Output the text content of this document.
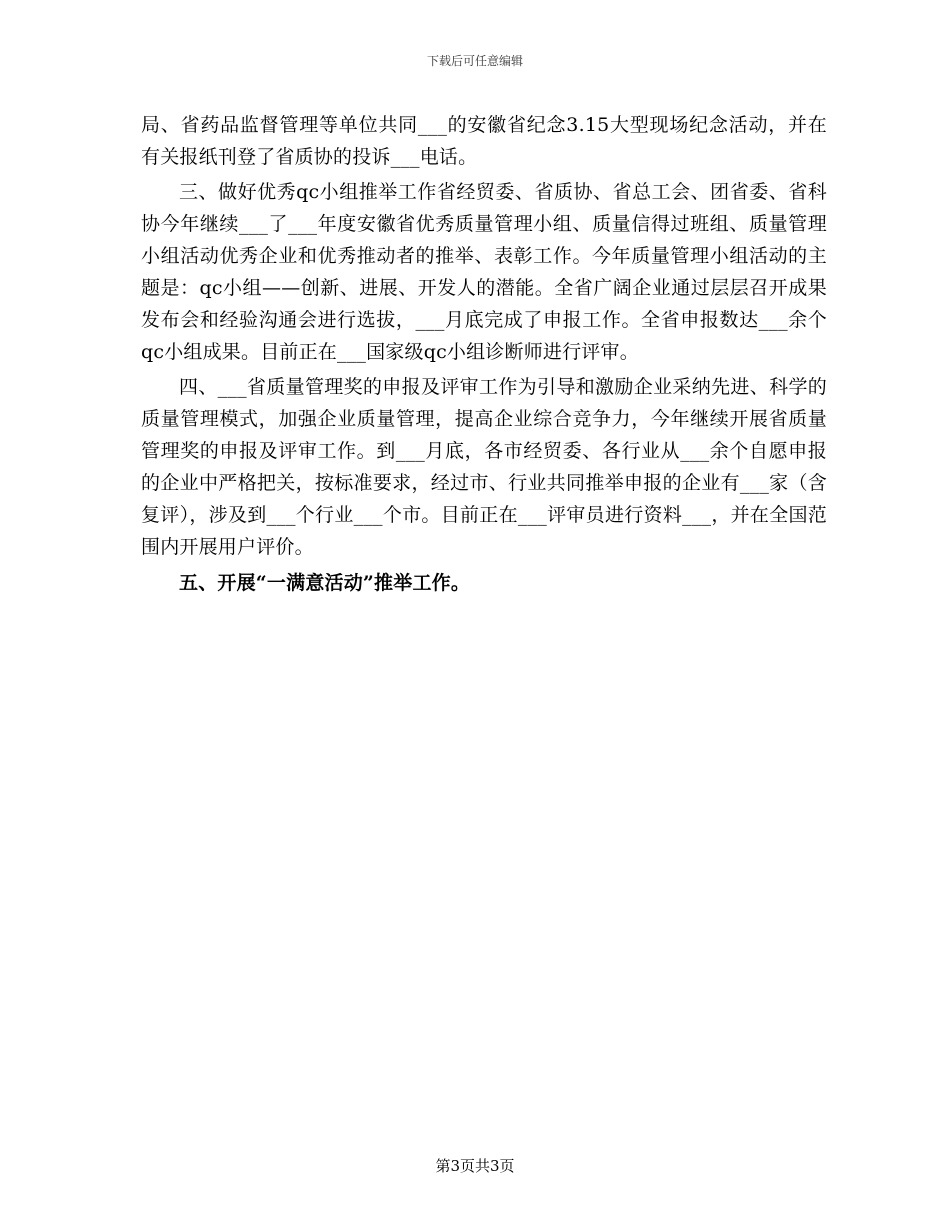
下载后可任意编辑

局、省药品监督管理等单位共同___的安徽省纪念3.15大型现场纪念活动，并在有关报纸刊登了省质协的投诉___电话。

三、做好优秀qc小组推举工作省经贸委、省质协、省总工会、团省委、省科协今年继续___了___年度安徽省优秀质量管理小组、质量信得过班组、质量管理小组活动优秀企业和优秀推动者的推举、表彰工作。今年质量管理小组活动的主题是：qc小组——创新、进展、开发人的潜能。全省广阔企业通过层层召开成果发布会和经验沟通会进行选拔，___月底完成了申报工作。全省申报数达___余个qc小组成果。目前正在___国家级qc小组诊断师进行评审。

四、___省质量管理奖的申报及评审工作为引导和激励企业采纳先进、科学的质量管理模式，加强企业质量管理，提高企业综合竞争力，今年继续开展省质量管理奖的申报及评审工作。到___月底，各市经贸委、各行业从___余个自愿申报的企业中严格把关，按标准要求，经过市、行业共同推举申报的企业有___家（含复评），涉及到___个行业___个市。目前正在___评审员进行资料___，并在全国范围内开展用户评价。

五、开展“一满意活动”推举工作。

第3页共3页
